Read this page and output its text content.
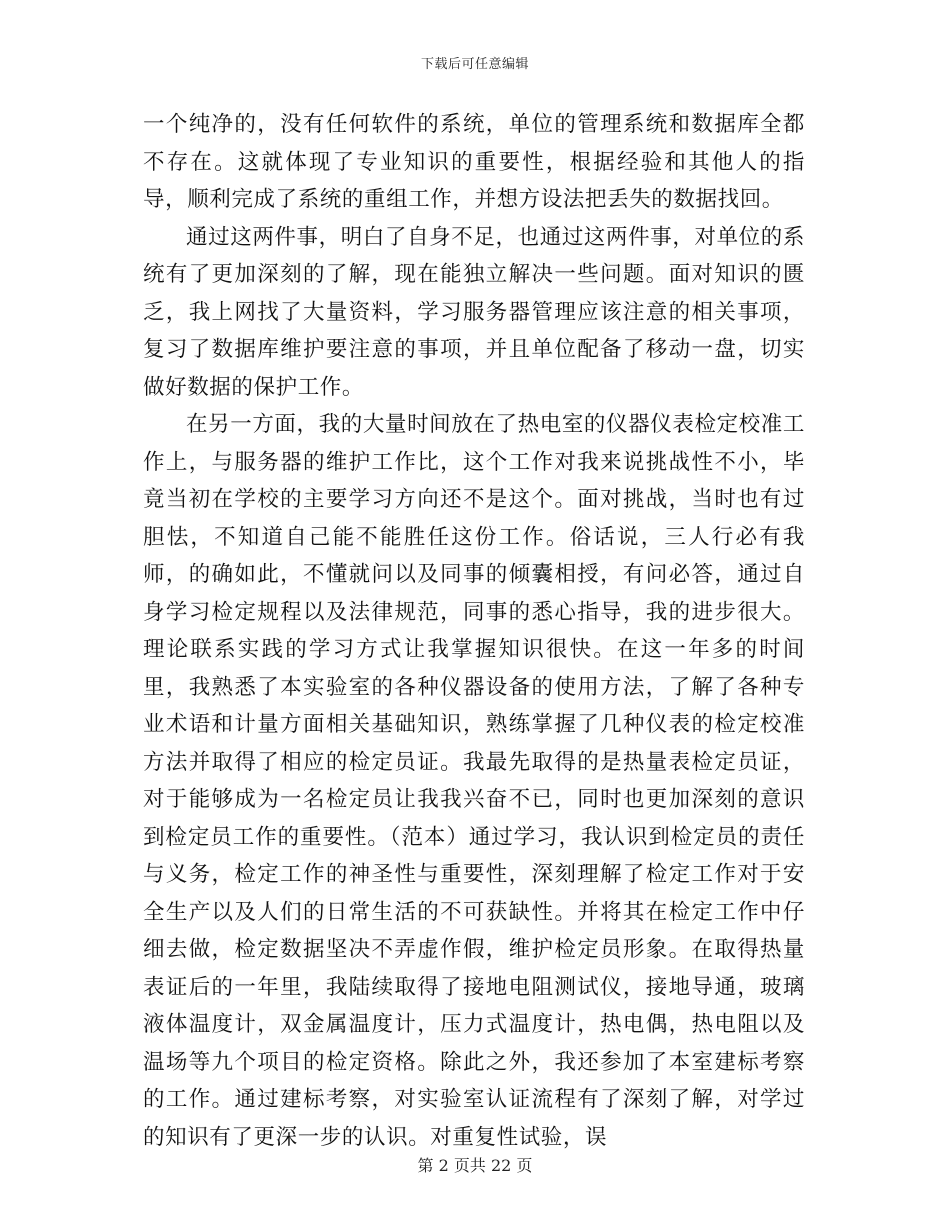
下载后可任意编辑

一个纯净的，没有任何软件的系统，单位的管理系统和数据库全都不存在。这就体现了专业知识的重要性，根据经验和其他人的指导，顺利完成了系统的重组工作，并想方设法把丢失的数据找回。

通过这两件事，明白了自身不足，也通过这两件事，对单位的系统有了更加深刻的了解，现在能独立解决一些问题。面对知识的匮乏，我上网找了大量资料，学习服务器管理应该注意的相关事项，复习了数据库维护要注意的事项，并且单位配备了移动一盘，切实做好数据的保护工作。

在另一方面，我的大量时间放在了热电室的仪器仪表检定校准工作上，与服务器的维护工作比，这个工作对我来说挑战性不小，毕竟当初在学校的主要学习方向还不是这个。面对挑战，当时也有过胆怯，不知道自己能不能胜任这份工作。俗话说，三人行必有我师，的确如此，不懂就问以及同事的倾囊相授，有问必答，通过自身学习检定规程以及法律规范，同事的悉心指导，我的进步很大。理论联系实践的学习方式让我掌握知识很快。在这一年多的时间里，我熟悉了本实验室的各种仪器设备的使用方法，了解了各种专业术语和计量方面相关基础知识，熟练掌握了几种仪表的检定校准方法并取得了相应的检定员证。我最先取得的是热量表检定员证，对于能够成为一名检定员让我我兴奋不已，同时也更加深刻的意识到检定员工作的重要性。（范本）通过学习，我认识到检定员的责任与义务，检定工作的神圣性与重要性，深刻理解了检定工作对于安全生产以及人们的日常生活的不可获缺性。并将其在检定工作中仔细去做，检定数据坚决不弄虚作假，维护检定员形象。在取得热量表证后的一年里，我陆续取得了接地电阻测试仪，接地导通，玻璃液体温度计，双金属温度计，压力式温度计，热电偶，热电阻以及温场等九个项目的检定资格。除此之外，我还参加了本室建标考察的工作。通过建标考察，对实验室认证流程有了深刻了解，对学过的知识有了更深一步的认识。对重复性试验，误

第 2 页共 22 页
